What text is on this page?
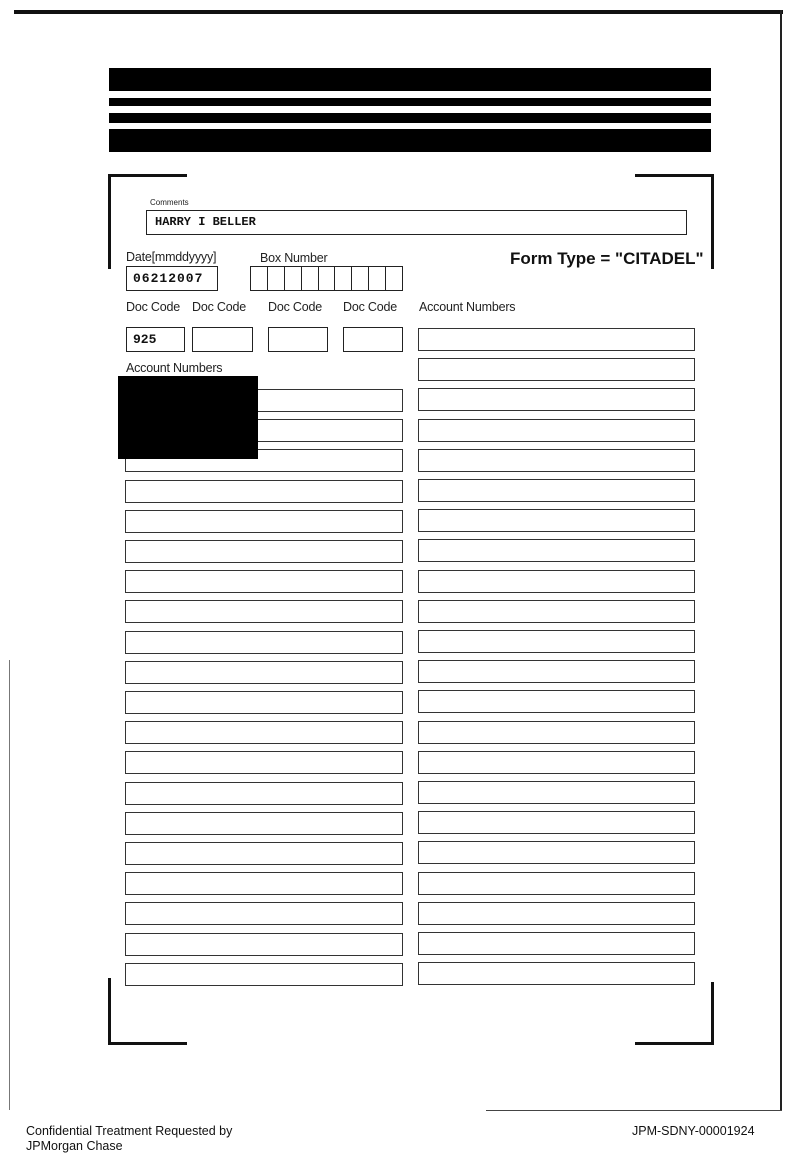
Comments
HARRY I BELLER
Date[mmddyyyy]
06212007
Box Number	Form Type = "CITADEL"
Doc Code Doc Code Doc Code Doc Code Account Numbers
925
Account Numbers
Confidential Treatment Requested by
JPMorgan Chase
JPM-SDNY-00001924
